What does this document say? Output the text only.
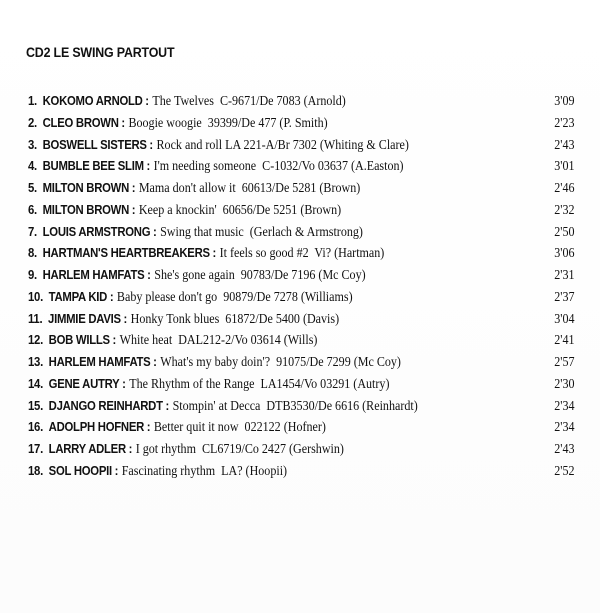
CD2 LE SWING PARTOUT
1. KOKOMO ARNOLD : The Twelves  C-9671/De 7083 (Arnold)	3'09
2. CLEO BROWN : Boogie woogie  39399/De 477 (P. Smith)	2'23
3. BOSWELL SISTERS : Rock and roll LA 221-A/Br 7302 (Whiting & Clare)	2'43
4. BUMBLE BEE SLIM : I'm needing someone  C-1032/Vo 03637 (A.Easton)	3'01
5. MILTON BROWN : Mama don't allow it  60613/De 5281 (Brown)	2'46
6. MILTON BROWN : Keep a knockin'  60656/De 5251 (Brown)	2'32
7. LOUIS ARMSTRONG : Swing that music  (Gerlach & Armstrong)	2'50
8. HARTMAN'S HEARTBREAKERS : It feels so good #2  Vi? (Hartman)	3'06
9. HARLEM HAMFATS : She's gone again  90783/De 7196 (Mc Coy)	2'31
10. TAMPA KID : Baby please don't go  90879/De 7278 (Williams)	2'37
11. JIMMIE DAVIS : Honky Tonk blues  61872/De 5400 (Davis)	3'04
12. BOB WILLS : White heat  DAL212-2/Vo 03614 (Wills)	2'41
13. HARLEM HAMFATS : What's my baby doin'?  91075/De 7299 (Mc Coy)	2'57
14. GENE AUTRY : The Rhythm of the Range  LA1454/Vo 03291 (Autry)	2'30
15. DJANGO REINHARDT : Stompin' at Decca  DTB3530/De 6616 (Reinhardt)	2'34
16. ADOLPH HOFNER : Better quit it now  022122 (Hofner)	2'34
17. LARRY ADLER : I got rhythm  CL6719/Co 2427 (Gershwin)	2'43
18. SOL HOOPII : Fascinating rhythm  LA? (Hoopii)	2'52
